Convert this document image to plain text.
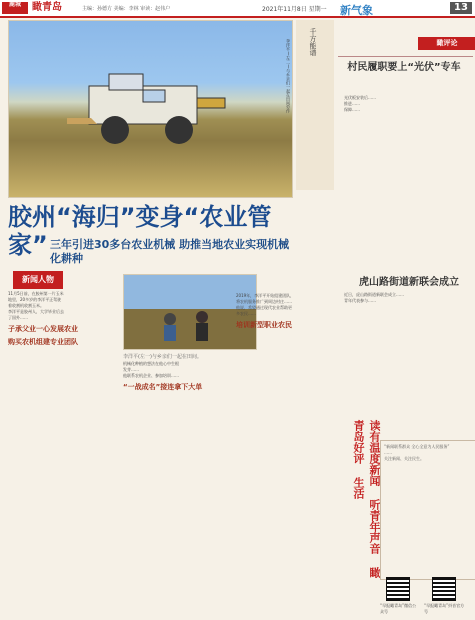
鹿城	瞰青岛	主编：孙德方 美编：李林 审读：赵伟户	2021年11月8日 星期一 新气象	13
李洋平(左二)与乡亲们一起在田间劳作	千方能谱	瞰评论
村民履职要上“光伏”专车
光伏板安装后……
推进……
保障……
虎山路街道新联会成立
近日，虎山路街道新联会成立……
青年代表参与……
读有温度新闻 听青年声音 瞰青岛好评 生活	“新闻联系群众 全心全意为人民服务”
……
关注新闻、关注民生。
“早报瞰青岛”微信公众号
“早报瞰青岛”抖音官方号
胶州“海归”变身“农业管家” 三年引进30多台农业机械 助推当地农业实现机械化耕种
新闻人物
李洋平(左一)与乡亲们一起在田间。
11月5日前，在胶州第一片玉米
地里，20多岁的李洋平正驾驶
着收割机收割玉米。
李洋平是胶州人，大学毕业后去
了国外……
子承父业一心发展农业
购买农机组建专业团队
机械化种植的想法在他心中生根
发芽……
他联系农机企业、参加培训……
“一战成名”接连拿下大单
2019年，李洋平开始组建团队，
将农机服务推广到周边村庄……
他说，希望通过现代农业帮助更
多农民……
培训新型职业农民
